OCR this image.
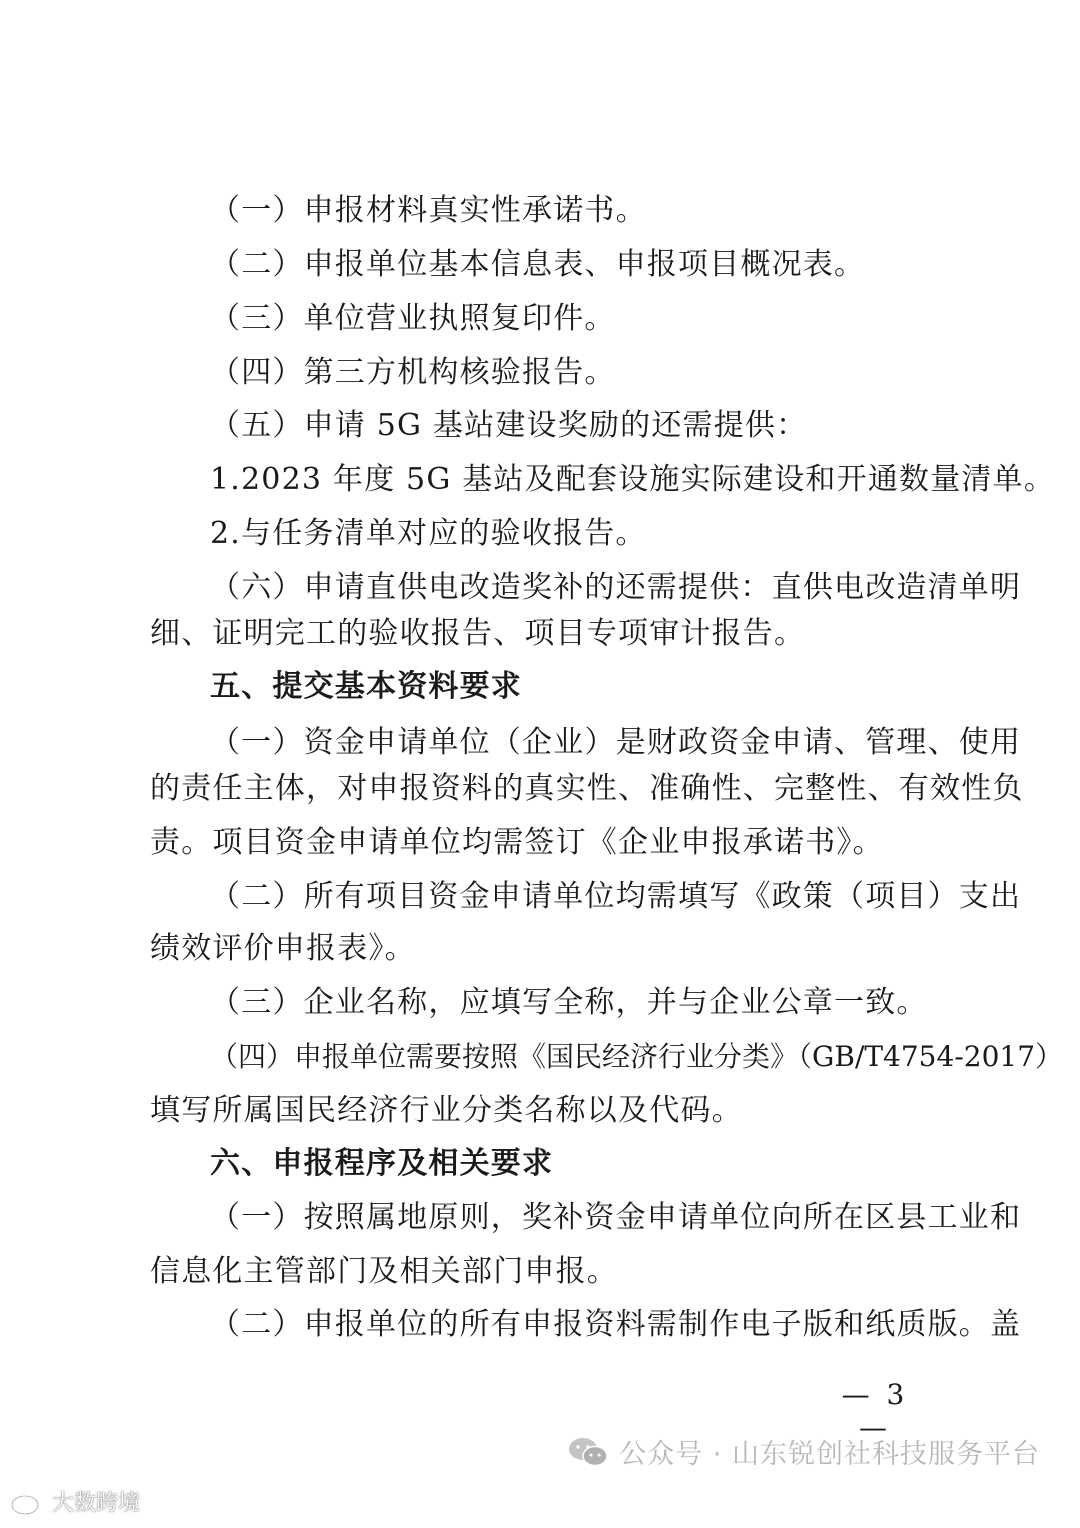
（一）申报材料真实性承诺书。
（二）申报单位基本信息表、申报项目概况表。
（三）单位营业执照复印件。
（四）第三方机构核验报告。
（五）申请 5G 基站建设奖励的还需提供：
1.2023 年度 5G 基站及配套设施实际建设和开通数量清单。
2.与任务清单对应的验收报告。
（六）申请直供电改造奖补的还需提供：直供电改造清单明
细、证明完工的验收报告、项目专项审计报告。
五、提交基本资料要求
（一）资金申请单位（企业）是财政资金申请、管理、使用
的责任主体，对申报资料的真实性、准确性、完整性、有效性负
责。项目资金申请单位均需签订《企业申报承诺书》。
（二）所有项目资金申请单位均需填写《政策（项目）支出
绩效评价申报表》。
（三）企业名称，应填写全称，并与企业公章一致。
（四）申报单位需要按照《国民经济行业分类》（GB/T4754-2017）
填写所属国民经济行业分类名称以及代码。
六、申报程序及相关要求
（一）按照属地原则，奖补资金申请单位向所在区县工业和
信息化主管部门及相关部门申报。
（二）申报单位的所有申报资料需制作电子版和纸质版。盖
— 3 —
公众号 · 山东锐创社科技服务平台
大数跨境
